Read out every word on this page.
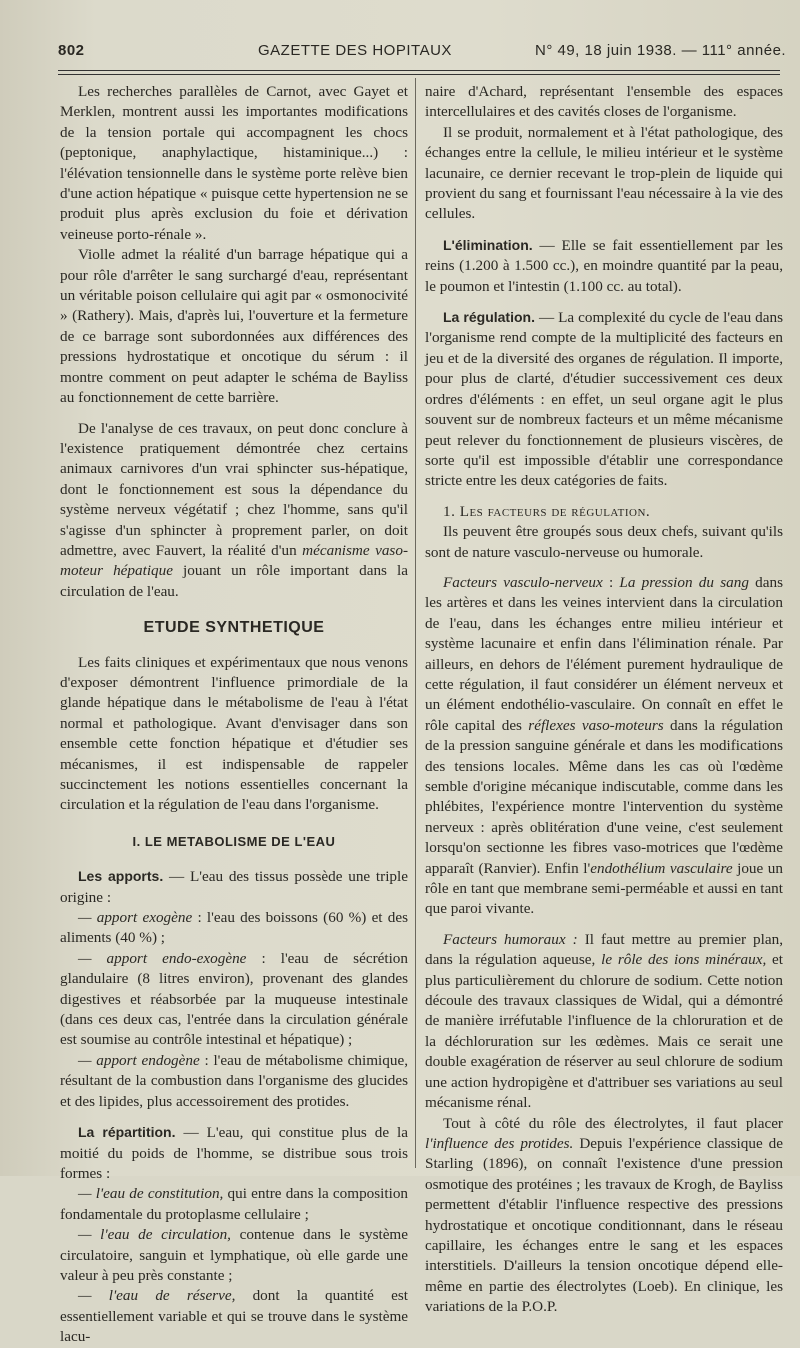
802	GAZETTE DES HOPITAUX	N° 49, 18 juin 1938. — 111° année.

Les recherches parallèles de Carnot, avec Gayet et Merklen, montrent aussi les importantes modifications de la tension portale qui accompagnent les chocs (peptonique, anaphylactique, histaminique...) : l'élévation tensionnelle dans le système porte relève bien d'une action hépatique « puisque cette hypertension ne se produit plus après exclusion du foie et dérivation veineuse porto-rénale ».

Violle admet la réalité d'un barrage hépatique qui a pour rôle d'arrêter le sang surchargé d'eau, représentant un véritable poison cellulaire qui agit par « osmonocivité » (Rathery). Mais, d'après lui, l'ouverture et la fermeture de ce barrage sont subordonnées aux différences des pressions hydrostatique et oncotique du sérum : il montre comment on peut adapter le schéma de Bayliss au fonctionnement de cette barrière.

De l'analyse de ces travaux, on peut donc conclure à l'existence pratiquement démontrée chez certains animaux carnivores d'un vrai sphincter sus-hépatique, dont le fonctionnement est sous la dépendance du système nerveux végétatif ; chez l'homme, sans qu'il s'agisse d'un sphincter à proprement parler, on doit admettre, avec Fauvert, la réalité d'un mécanisme vaso-moteur hépatique jouant un rôle important dans la circulation de l'eau.

ETUDE SYNTHETIQUE

Les faits cliniques et expérimentaux que nous venons d'exposer démontrent l'influence primordiale de la glande hépatique dans le métabolisme de l'eau à l'état normal et pathologique. Avant d'envisager dans son ensemble cette fonction hépatique et d'étudier ses mécanismes, il est indispensable de rappeler succinctement les notions essentielles concernant la circulation et la régulation de l'eau dans l'organisme.

I. LE METABOLISME DE L'EAU

Les apports. — L'eau des tissus possède une triple origine :

— apport exogène : l'eau des boissons (60 %) et des aliments (40 %) ;

— apport endo-exogène : l'eau de sécrétion glandulaire (8 litres environ), provenant des glandes digestives et réabsorbée par la muqueuse intestinale (dans ces deux cas, l'entrée dans la circulation générale est soumise au contrôle intestinal et hépatique) ;

— apport endogène : l'eau de métabolisme chimique, résultant de la combustion dans l'organisme des glucides et des lipides, plus accessoirement des protides.

La répartition. — L'eau, qui constitue plus de la moitié du poids de l'homme, se distribue sous trois formes :

— l'eau de constitution, qui entre dans la composition fondamentale du protoplasme cellulaire ;

— l'eau de circulation, contenue dans le système circulatoire, sanguin et lymphatique, où elle garde une valeur à peu près constante ;

— l'eau de réserve, dont la quantité est essentiellement variable et qui se trouve dans le système lacu-

naire d'Achard, représentant l'ensemble des espaces intercellulaires et des cavités closes de l'organisme.

Il se produit, normalement et à l'état pathologique, des échanges entre la cellule, le milieu intérieur et le système lacunaire, ce dernier recevant le trop-plein de liquide qui provient du sang et fournissant l'eau nécessaire à la vie des cellules.

L'élimination. — Elle se fait essentiellement par les reins (1.200 à 1.500 cc.), en moindre quantité par la peau, le poumon et l'intestin (1.100 cc. au total).

La régulation. — La complexité du cycle de l'eau dans l'organisme rend compte de la multiplicité des facteurs en jeu et de la diversité des organes de régulation. Il importe, pour plus de clarté, d'étudier successivement ces deux ordres d'éléments : en effet, un seul organe agit le plus souvent sur de nombreux facteurs et un même mécanisme peut relever du fonctionnement de plusieurs viscères, de sorte qu'il est impossible d'établir une correspondance stricte entre les deux catégories de faits.

1. Les facteurs de régulation.

Ils peuvent être groupés sous deux chefs, suivant qu'ils sont de nature vasculo-nerveuse ou humorale.

Facteurs vasculo-nerveux : La pression du sang dans les artères et dans les veines intervient dans la circulation de l'eau, dans les échanges entre milieu intérieur et système lacunaire et enfin dans l'élimination rénale. Par ailleurs, en dehors de l'élément purement hydraulique de cette régulation, il faut considérer un élément nerveux et un élément endothélio-vasculaire. On connaît en effet le rôle capital des réflexes vaso-moteurs dans la régulation de la pression sanguine générale et dans les modifications des tensions locales. Même dans les cas où l'œdème semble d'origine mécanique indiscutable, comme dans les phlébites, l'expérience montre l'intervention du système nerveux : après oblitération d'une veine, c'est seulement lorsqu'on sectionne les fibres vaso-motrices que l'œdème apparaît (Ranvier). Enfin l'endothélium vasculaire joue un rôle en tant que membrane semi-perméable et aussi en tant que paroi vivante.

Facteurs humoraux : Il faut mettre au premier plan, dans la régulation aqueuse, le rôle des ions minéraux, et plus particulièrement du chlorure de sodium. Cette notion découle des travaux classiques de Widal, qui a démontré de manière irréfutable l'influence de la chloruration et de la déchloruration sur les œdèmes. Mais ce serait une double exagération de réserver au seul chlorure de sodium une action hydropigène et d'attribuer ses variations au seul mécanisme rénal.

Tout à côté du rôle des électrolytes, il faut placer l'influence des protides. Depuis l'expérience classique de Starling (1896), on connaît l'existence d'une pression osmotique des protéines ; les travaux de Krogh, de Bayliss permettent d'établir l'influence respective des pressions hydrostatique et oncotique conditionnant, dans le réseau capillaire, les échanges entre le sang et les espaces interstitiels. D'ailleurs la tension oncotique dépend elle-même en partie des électrolytes (Loeb). En clinique, les variations de la P.O.P.
